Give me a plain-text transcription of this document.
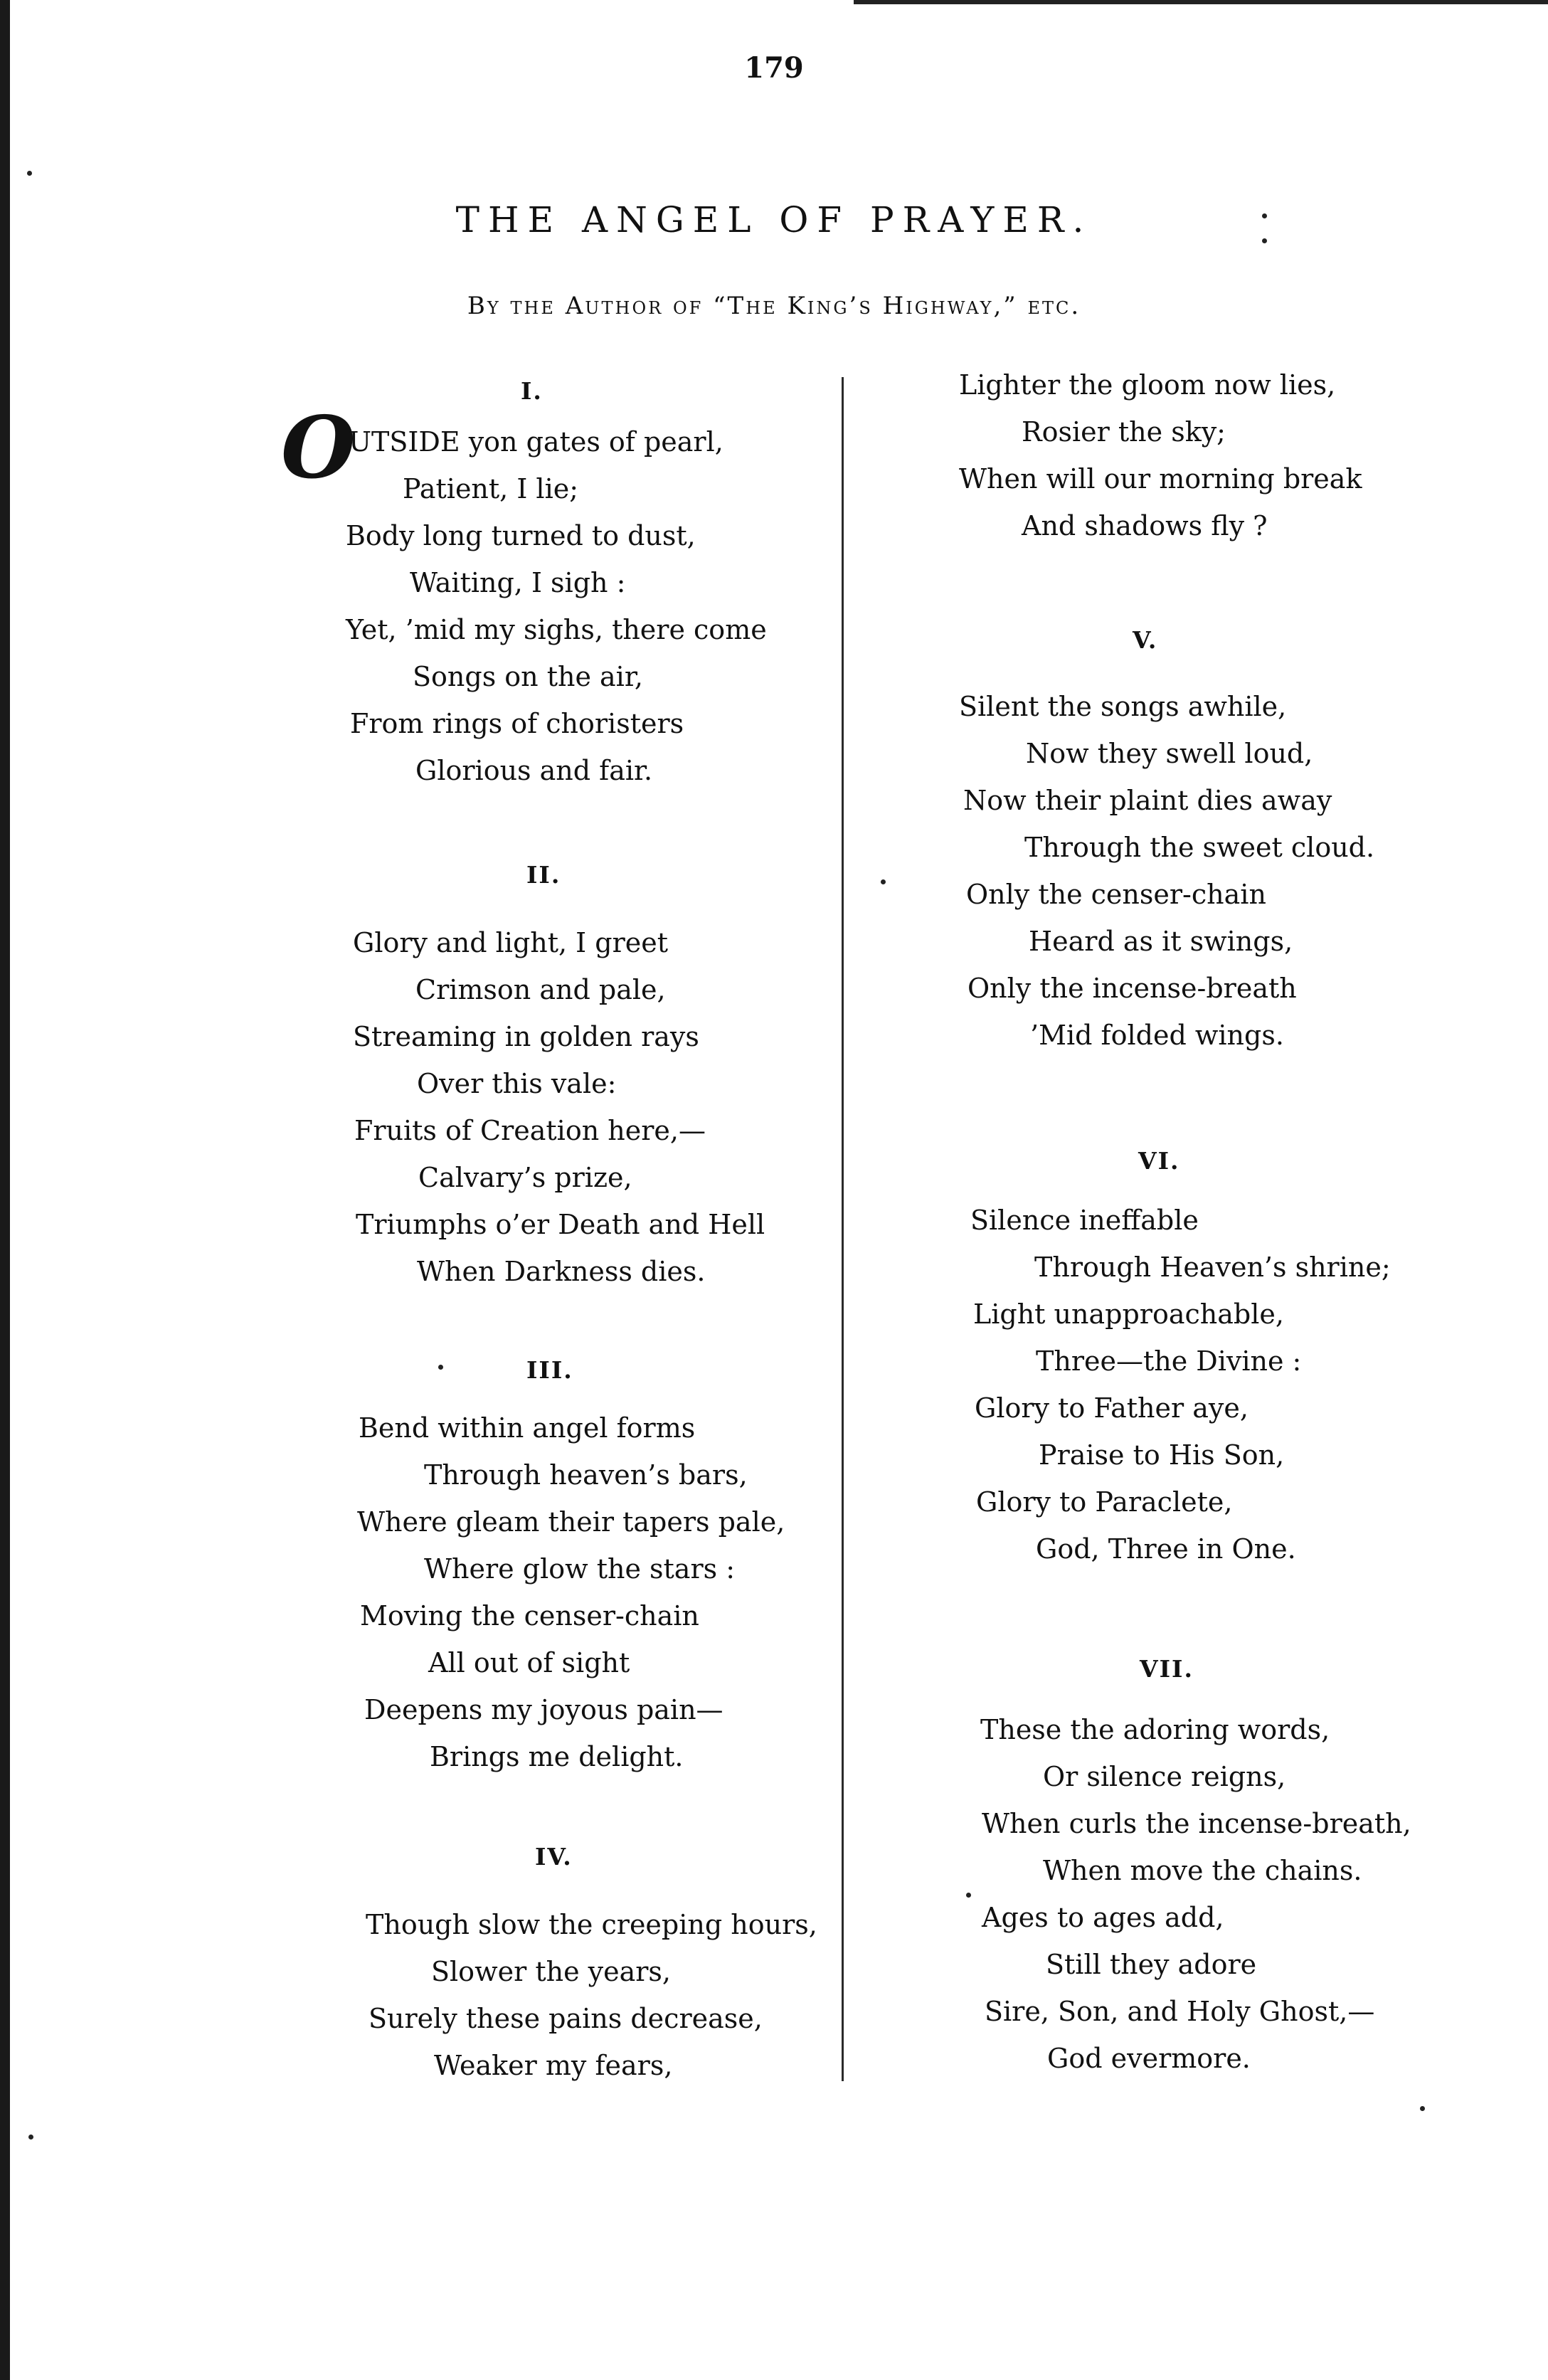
179
THE ANGEL OF PRAYER.
By the Author of “The King’s Highway,” etc.
O
I.
UTSIDE yon gates of pearl,
Patient, I lie;
Body long turned to dust,
Waiting, I sigh :
Yet, ’mid my sighs, there come
Songs on the air,
From rings of choristers
Glorious and fair.
II.
Glory and light, I greet
Crimson and pale,
Streaming in golden rays
Over this vale:
Fruits of Creation here,—
Calvary’s prize,
Triumphs o’er Death and Hell
When Darkness dies.
III.
Bend within angel forms
Through heaven’s bars,
Where gleam their tapers pale,
Where glow the stars :
Moving the censer-chain
All out of sight
Deepens my joyous pain—
Brings me delight.
IV.
Though slow the creeping hours,
Slower the years,
Surely these pains decrease,
Weaker my fears,
Lighter the gloom now lies,
Rosier the sky;
When will our morning break
And shadows fly ?
V.
Silent the songs awhile,
Now they swell loud,
Now their plaint dies away
Through the sweet cloud.
Only the censer-chain
Heard as it swings,
Only the incense-breath
’Mid folded wings.
VI.
Silence ineffable
Through Heaven’s shrine;
Light unapproachable,
Three—the Divine :
Glory to Father aye,
Praise to His Son,
Glory to Paraclete,
God, Three in One.
VII.
These the adoring words,
Or silence reigns,
When curls the incense-breath,
When move the chains.
Ages to ages add,
Still they adore
Sire, Son, and Holy Ghost,—
God evermore.
